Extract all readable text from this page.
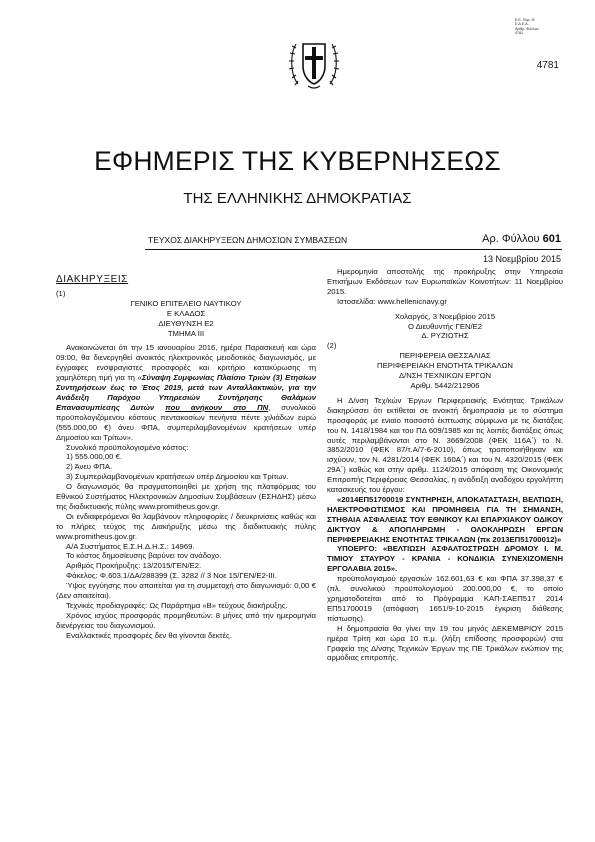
Ε.Ε. Παρ. ΙΙΙ
Ε.Δ.Ε.Α.
Αριθμ. Φύλλου
4781
4781
ΕΦΗΜΕΡΙΣ ΤΗΣ ΚΥΒΕΡΝΗΣΕΩΣ
ΤΗΣ ΕΛΛΗΝΙΚΗΣ ΔΗΜΟΚΡΑΤΙΑΣ
ΤΕΥΧΟΣ ΔΙΑΚΗΡΥΞΕΩΝ ΔΗΜΟΣΙΩΝ ΣΥΜΒΑΣΕΩΝ	Αρ. Φύλλου 601
13 Νοεμβρίου 2015

ΔΙΑΚΗΡΥΞΕΙΣ

(1)

ΓΕΝΙΚΟ ΕΠΙΤΕΛΕΙΟ ΝΑΥΤΙΚΟΥ

Ε ΚΛΑΔΟΣ

ΔΙΕΥΘΥΝΣΗ Ε2

ΤΜΗΜΑ ΙΙΙ

Ανακοινώνεται ότι την 15 ιανουαρίου 2016, ημέρα Παρασκευή και ώρα 09:00, θα διενεργηθεί ανοικτός ηλεκτρονικός μειοδοτικός διαγωνισμός, με έγγραφες ενσφραγιστες προσφορές και κριτήριο κατακύρωσης τη χαμηλότερη τιμή για τη «Σύναψη Συμφωνίας Πλαίσιο Τριών (3) Ετησίων Συντηρήσεων έως το Έτος 2019, μετά των Ανταλλακτικών, για την Ανάδειξη Παρόχου Υπηρεσιών Συντήρησης Θαλάμων Επανασυμπίεσης Δυτών που ανήκουν στο ΠΝ, συνολικού προϋπολογιζόμενου κόστους πεντακοσίων πενήντα πέντε χιλιάδων ευρώ (555.000,00 €) άνευ ΦΠΑ, συμπεριλαμβανομένων κρατήσεων υπέρ Δημοσίου και Τρίτων».

Συνολικό προϋπολογισμένο κόστος:

1) 555.000,00 €.

2) Άνευ ΦΠΑ.

3) Συμπεριλαμβανομένων κρατήσεων υπέρ Δημοσίου και Τρίτων.

Ο διαγωνισμός θα πραγματοποιηθεί με χρήση της πλατφόρμας του Εθνικού Συστήματος Ηλεκτρονικών Δημοσίων Συμβάσεων (ΕΣΗΔΗΣ) μέσω της διαδικτυακής πύλης www.promitheus.gov.gr.

Οι ενδιαφερόμενοι θα λαμβάνουν πληροφορίες / διευκρινίσεις καθώς και το πλήρες τεύχος της Διακήρυξης μέσω της διαδικτυακής πύλης www.promitheus.gov.gr.

Α/Α Συστήματος Ε.Σ.Η.Δ.Η.Σ.: 14969.

Το κόστος δημοσίευσης βαρύνει τον ανάδοχο.

Αριθμός Προκήρυξης: 13/2015/ΓΕΝ/Ε2.

Φάκελος: Φ.603.1/ΔΑ/288399 (Σ. 3282 // 3 Νοε 15/ΓΕΝ/Ε2-ΙΙΙ.

Ύψος εγγύησης που απαιτείται για τη συμμετοχή στο διαγωνισμό: 0,00 € (Δεν απαιτείται).

Τεχνικές προδιαγραφές: Ως Παράρτημα «Β» τεύχους διακήρυξης.

Χρόνος ισχύος προσφοράς προμηθευτών: 8 μήνες από την ημερομηνία διενέργειας του διαγωνισμού.

Εναλλακτικές προσφορές δεν θα γίνονται δεκτές.

Ημερομηνία αποστολής της προκήρυξης στην Υπηρεσία Επισήμων Εκδόσεων των Ευρωπαϊκών Κοινοτήτων: 11 Νοεμβρίου 2015.

Ιστοσελίδα: www.hellenicnavy.gr

Χολαργός, 3 Νοεμβρίου 2015

Ο Διευθυντής ΓΕΝ/Ε2

Δ. ΡΥΖΙΩΤΗΣ

(2)

ΠΕΡΙΦΕΡΕΙΑ ΘΕΣΣΑΛΙΑΣ

ΠΕΡΙΦΕΡΕΙΑΚΗ ΕΝΟΤΗΤΑ ΤΡΙΚΑΛΩΝ

Δ/ΝΣΗ ΤΕΧΝΙΚΩΝ ΕΡΓΩΝ

Αριθμ. 5442/212906

Η Δ/νση Τεχ/κών Έργων Περιφερειακής Ενότητας Τρικάλων διακηρύσσει ότι εκτίθεται σε ανοικτή δημοπρασία με το σύστημα προσφοράς με ενιαίο ποσοστό έκπτωσης σύμφωνα με τις διατάξεις του Ν. 1418/1984 και του ΠΔ 609/1985 και τις λοιπές διατάξεις όπως αυτές περιλαμβάνονται στο Ν. 3669/2008 (ΦΕΚ 116Α΄) το Ν. 3852/2010 (ΦΕΚ 87/τ.Α/7-6-2010), όπως τροποποιήθηκαν και ισχύουν, τον Ν. 4281/2014 (ΦΕΚ 160Α΄) και του Ν. 4320/2015 (ΦΕΚ 29Α΄) καθώς και στην αριθμ. 1124/2015 απόφαση της Οικονομικής Επιτροπής Περιφέρειας Θεσσαλίας, η ανάδειξη αναδόχου εργολήπτη κατασκευής του έργου:

«2014ΕΠ51700019 ΣΥΝΤΗΡΗΣΗ, ΑΠΟΚΑΤΑΣΤΑΣΗ, ΒΕΛΤΙΩΣΗ, ΗΛΕΚΤΡΟΦΩΤΙΣΜΟΣ ΚΑΙ ΠΡΟΜΗΘΕΙΑ ΓΙΑ ΤΗ ΣΗΜΑΝΣΗ, ΣΤΗΘΑΙΑ ΑΣΦΑΛΕΙΑΣ ΤΟΥ ΕΘΝΙΚΟΥ ΚΑΙ ΕΠΑΡΧΙΑΚΟΥ ΟΔΙΚΟΥ ΔΙΚΤΥΟΥ & ΑΠΟΠΛΗΡΩΜΗ - ΟΛΟΚΛΗΡΩΣΗ ΕΡΓΩΝ ΠΕΡΙΦΕΡΕΙΑΚΗΣ ΕΝΟΤΗΤΑΣ ΤΡΙΚΑΛΩΝ (πκ 2013ΕΠ51700012)»

ΥΠΟΕΡΓΟ: «ΒΕΛΤΙΩΣΗ ΑΣΦΑΛΤΟΣΤΡΩΣΗ ΔΡΟΜΟΥ Ι. Μ. ΤΙΜΙΟΥ ΣΤΑΥΡΟΥ - ΚΡΑΝΙΑ - ΚΟΝΔΙΚΙΑ ΣΥΝΕΧΙΖΟΜΕΝΗ ΕΡΓΟΛΑΒΙΑ 2015».

προϋπολογισμού εργασιών 162.601,63 € και ΦΠΑ 37.398,37 € (πλ. συνολικού προϋπολογισμού 200.000,00 €, το οποίο χρηματοδοτείται από το Πρόγραμμα ΚΑΠ-ΣΑΕΠ517 2014 ΕΠ51700019 (απόφαση 1651/9-10-2015 έγκριση διάθεσης πίστωσης).

Η δημοπρασία θα γίνει την 19 του μηνός ΔΕΚΕΜΒΡΙΟΥ 2015 ημέρα Τρίτη και ώρα 10 π.μ. (λήξη επίδοσης προσφορών) στα Γραφεία της Δ/νσης Τεχνικών Έργων της ΠΕ Τρικάλων ενώπιον της αρμόδιας επιτροπής.
